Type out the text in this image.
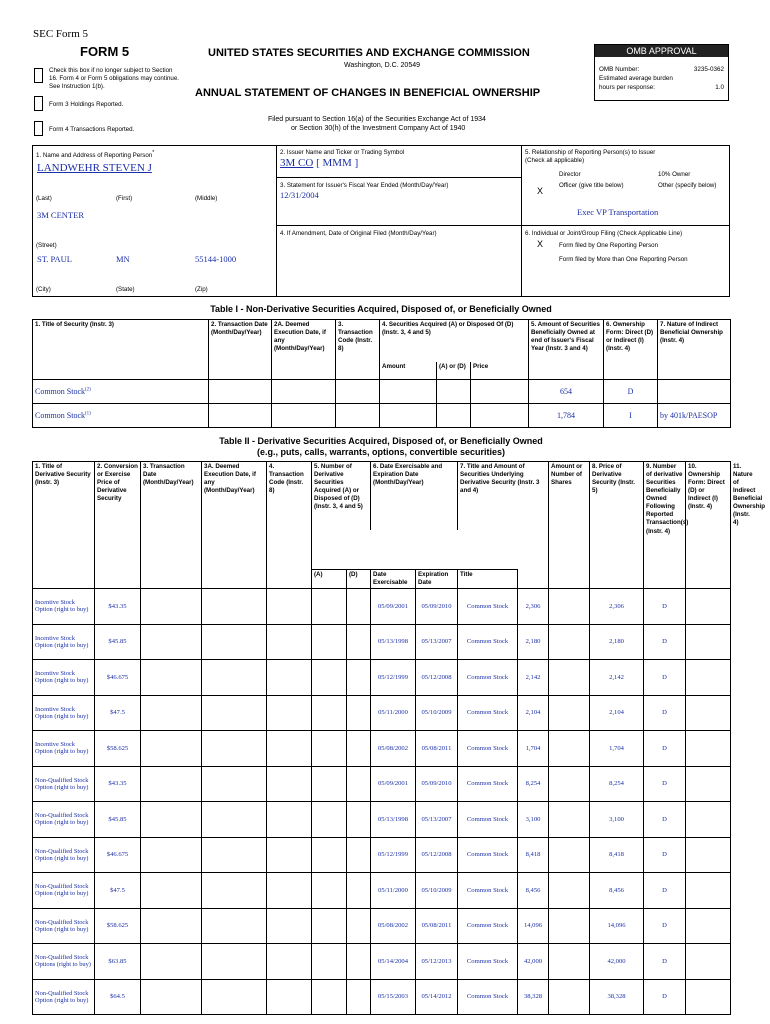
SEC Form 5
FORM 5
Check this box if no longer subject to Section 16. Form 4 or Form 5 obligations may continue. See Instruction 1(b).
Form 3 Holdings Reported.
Form 4 Transactions Reported.
UNITED STATES SECURITIES AND EXCHANGE COMMISSION
Washington, D.C. 20549
ANNUAL STATEMENT OF CHANGES IN BENEFICIAL OWNERSHIP
Filed pursuant to Section 16(a) of the Securities Exchange Act of 1934
or Section 30(h) of the Investment Company Act of 1940
OMB APPROVAL
OMB Number:	3235-0362
Estimated average burden
hours per response:	1.0
1. Name and Address of Reporting Person*
LANDWEHR STEVEN J
(Last)	(First)	(Middle)
3M CENTER
(Street)
ST. PAUL	MN	55144-1000
(City)	(State)	(Zip)
2. Issuer Name and Ticker or Trading Symbol
3M CO [ MMM ]
3. Statement for Issuer's Fiscal Year Ended (Month/Day/Year)
12/31/2004
4. If Amendment, Date of Original Filed (Month/Day/Year)
5. Relationship of Reporting Person(s) to Issuer
(Check all applicable)
Director	10% Owner
X
Officer (give title below)	Other (specify below)
Exec VP Transportation
6. Individual or Joint/Group Filing (Check Applicable Line)
X	Form filed by One Reporting Person
Form filed by More than One Reporting Person
Table I - Non-Derivative Securities Acquired, Disposed of, or Beneficially Owned
1. Title of Security (Instr. 3)	2. Transaction Date (Month/Day/Year)	2A. Deemed Execution Date, if any (Month/Day/Year)	3. Transaction Code (Instr. 8)	4. Securities Acquired (A) or Disposed Of (D) (Instr. 3, 4 and 5)			5. Amount of Securities Beneficially Owned at end of Issuer's Fiscal Year (Instr. 3 and 4)	6. Ownership Form: Direct (D) or Indirect (I) (Instr. 4)	7. Nature of Indirect Beneficial Ownership (Instr. 4)
				Amount	(A) or (D)	Price			
Common Stock$^{(2)}$							654	D	
Common Stock$^{(1)}$							1,784	I	by 401k/PAESOP
Table II - Derivative Securities Acquired, Disposed of, or Beneficially Owned
(e.g., puts, calls, warrants, options, convertible securities)
1. Title of Derivative Security (Instr. 3)	2. Conversion or Exercise Price of Derivative Security	3. Transaction Date (Month/Day/Year)	3A. Deemed Execution Date, if any (Month/Day/Year)	4. Transaction Code (Instr. 8)	5. Number of Derivative Securities Acquired (A) or Disposed of (D) (Instr. 3, 4 and 5)		6. Date Exercisable and Expiration Date (Month/Day/Year)		7. Title and Amount of Securities Underlying Derivative Security (Instr. 3 and 4)		Amount or Number of Shares	8. Price of Derivative Security (Instr. 5)	9. Number of derivative Securities Beneficially Owned Following Reported Transaction(s) (Instr. 4)	10. Ownership Form: Direct (D) or Indirect (I) (Instr. 4)	11. Nature of Indirect Beneficial Ownership (Instr. 4)

					(A)	(D)	Date Exercisable	Expiration Date	Title						
Incentive Stock Option (right to buy)	$43.35						05/09/2001	05/09/2010	Common Stock	2,306		2,306	D		
Incentive Stock Option (right to buy)	$45.85						05/13/1998	05/13/2007	Common Stock	2,180		2,180	D		
Incentive Stock Option (right to buy)	$46.675						05/12/1999	05/12/2008	Common Stock	2,142		2,142	D		
Incentive Stock Option (right to buy)	$47.5						05/11/2000	05/10/2009	Common Stock	2,104		2,104	D		
Incentive Stock Option (right to buy)	$58.625						05/08/2002	05/08/2011	Common Stock	1,704		1,704	D		
Non-Qualified Stock Option (right to buy)	$43.35						05/09/2001	05/09/2010	Common Stock	8,254		8,254	D		
Non-Qualified Stock Option (right to buy)	$45.85						05/13/1998	05/13/2007	Common Stock	3,100		3,100	D		
Non-Qualified Stock Option (right to buy)	$46.675						05/12/1999	05/12/2008	Common Stock	8,418		8,418	D		
Non-Qualified Stock Option (right to buy)	$47.5						05/11/2000	05/10/2009	Common Stock	8,456		8,456	D		
Non-Qualified Stock Option (right to buy)	$58.625						05/08/2002	05/08/2011	Common Stock	14,096		14,096	D		
Non-Qualified Stock Options (right to buy)	$63.85						05/14/2004	05/12/2013	Common Stock	42,000		42,000	D		
Non-Qualified Stock Option (right to buy)	$64.5						05/15/2003	05/14/2012	Common Stock	38,328		38,328	D		
